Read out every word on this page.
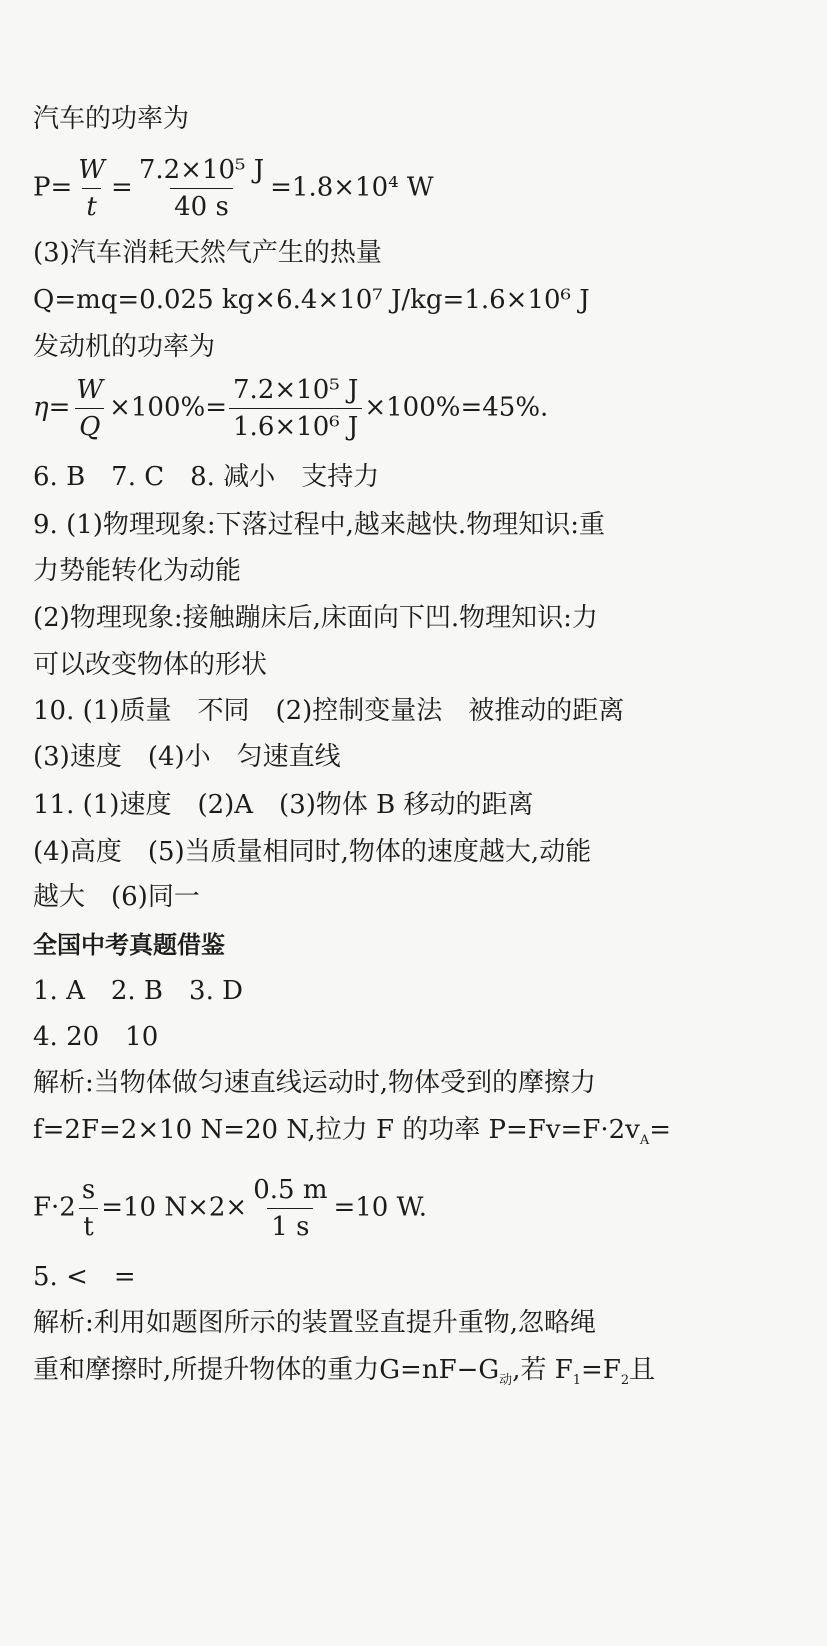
汽车的功率为
$P= \frac{W}{t} = \frac{\text{7.2×10⁵ J}}{40 s} =1.8\times 10^4$ W
(3)汽车消耗天然气产生的热量
Q=mq=0.025 kg×6.4×10⁷ J/kg=1.6×10⁶ J
发动机的功率为
$\eta= \frac{W}{Q} \times 100\%= \frac{\text{7.2×10⁵ J}}{\text{1.6×10⁶ J}} \times 100\%=45\%$.
6. B　7. C　8. 减小　支持力
9. (1)物理现象:下落过程中,越来越快.物理知识:重
力势能转化为动能
(2)物理现象:接触蹦床后,床面向下凹.物理知识:力
可以改变物体的形状
10. (1)质量　不同　(2)控制变量法　被推动的距离
(3)速度　(4)小　匀速直线
11. (1)速度　(2)A　(3)物体 B 移动的距离
(4)高度　(5)当质量相同时,物体的速度越大,动能
越大　(6)同一
全国中考真题借鉴
1. A　2. B　3. D
4. 20　10
解析:当物体做匀速直线运动时,物体受到的摩擦力
f=2F=2×10 N=20 N,拉力 F 的功率 $P=Fv=F\cdot 2v_A=$
$F\cdot 2 \frac{s}{t} =10$ $N\times 2\times \frac{0.5 m}{1 s} =10$ W.
5. <　=
解析:利用如题图所示的装置竖直提升重物,忽略绳
重和摩擦时,所提升物体的重力$G=nF-G_动$,若 $F_1=F_2$且
